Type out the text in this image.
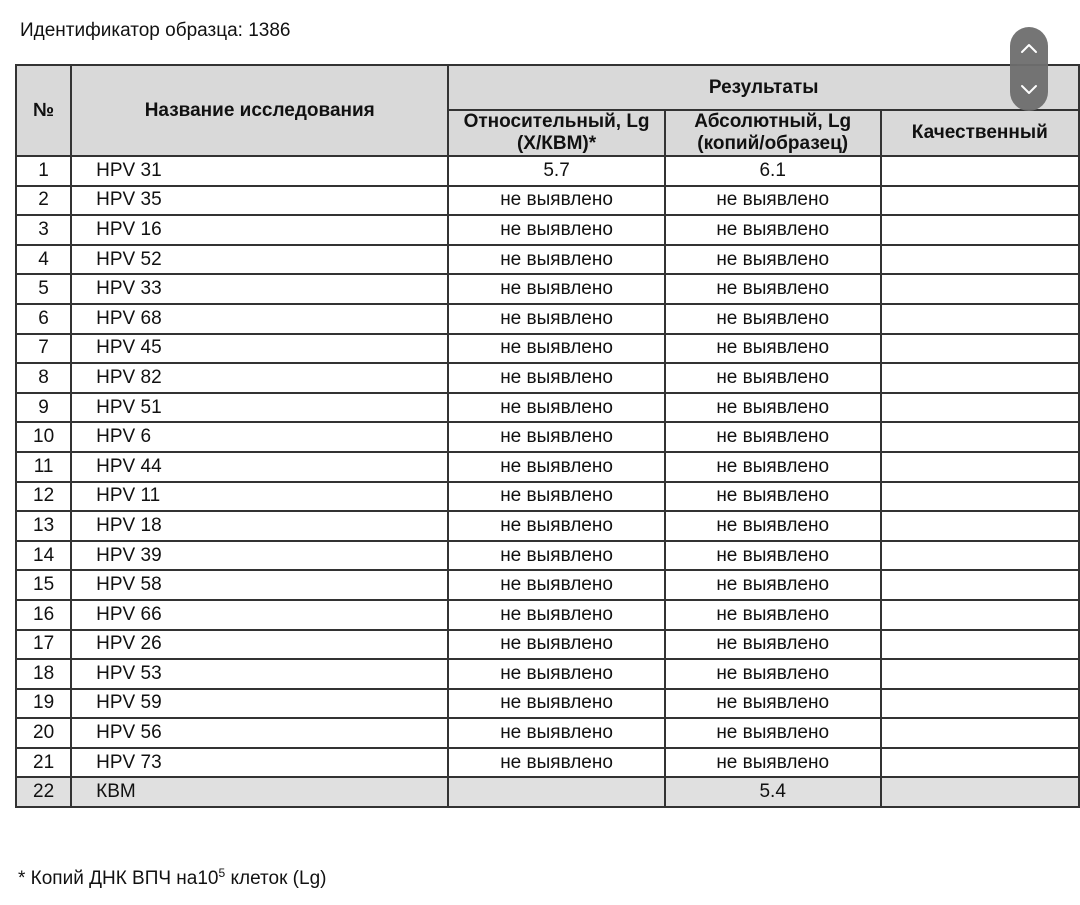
Идентификатор образца: 1386
№	Название исследования	Результаты		
		Относительный, Lg (X/КВМ)*	Абсолютный, Lg (копий/образец)	Качественный
1	HPV 31	5.7	6.1	
2	HPV 35	не выявлено	не выявлено	
3	HPV 16	не выявлено	не выявлено	
4	HPV 52	не выявлено	не выявлено	
5	HPV 33	не выявлено	не выявлено	
6	HPV 68	не выявлено	не выявлено	
7	HPV 45	не выявлено	не выявлено	
8	HPV 82	не выявлено	не выявлено	
9	HPV 51	не выявлено	не выявлено	
10	HPV 6	не выявлено	не выявлено	
11	HPV 44	не выявлено	не выявлено	
12	HPV 11	не выявлено	не выявлено	
13	HPV 18	не выявлено	не выявлено	
14	HPV 39	не выявлено	не выявлено	
15	HPV 58	не выявлено	не выявлено	
16	HPV 66	не выявлено	не выявлено	
17	HPV 26	не выявлено	не выявлено	
18	HPV 53	не выявлено	не выявлено	
19	HPV 59	не выявлено	не выявлено	
20	HPV 56	не выявлено	не выявлено	
21	HPV 73	не выявлено	не выявлено	
22	КВМ		5.4	
* Копий ДНК ВПЧ $на10^5$ клеток (Lg)
